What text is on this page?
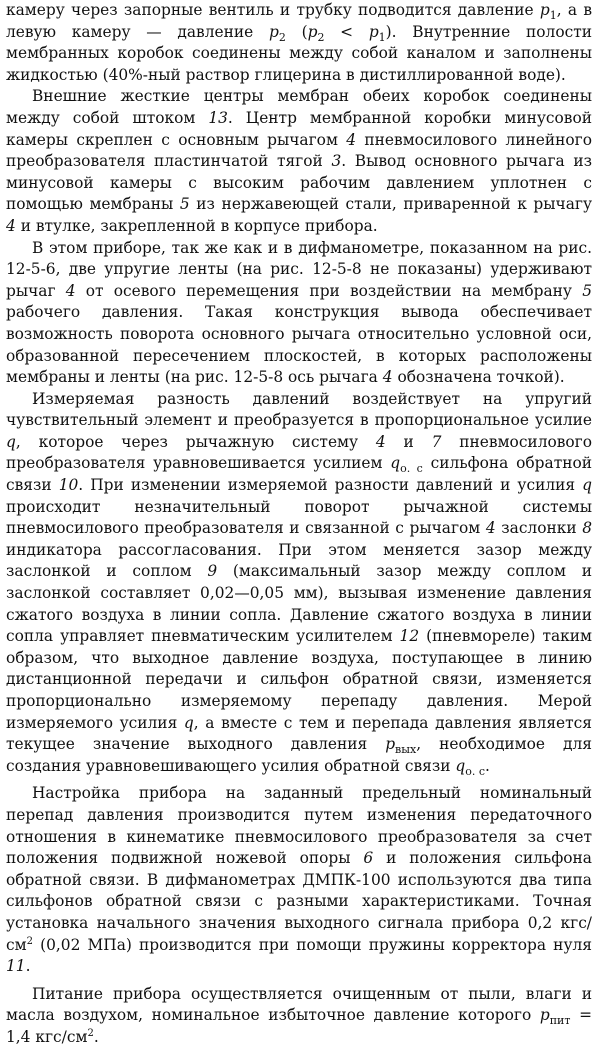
камеру через запорные вентиль и трубку подводится давление $p_1$, а в левую камеру — давление $p_2$ $(p_2 < p_1)$. Внутренние полости мембранных коробок соединены между собой каналом и заполнены жидкостью (40%-ный раствор глицерина в дистиллированной воде).

Внешние жесткие центры мембран обеих коробок соединены между собой штоком 13. Центр мембранной коробки минусовой камеры скреплен с основным рычагом 4 пневмосилового линейного преобразователя пластинчатой тягой 3. Вывод основного рычага из минусовой камеры с высоким рабочим давлением уплотнен с помощью мембраны 5 из нержавеющей стали, приваренной к рычагу 4 и втулке, закрепленной в корпусе прибора.

В этом приборе, так же как и в дифманометре, показанном на рис. 12-5-6, две упругие ленты (на рис. 12-5-8 не показаны) удерживают рычаг 4 от осевого перемещения при воздействии на мембрану 5 рабочего давления. Такая конструкция вывода обеспечивает возможность поворота основного рычага относительно условной оси, образованной пересечением плоскостей, в которых расположены мембраны и ленты (на рис. 12-5-8 ось рычага 4 обозначена точкой).

Измеряемая разность давлений воздействует на упругий чувствительный элемент и преобразуется в пропорциональное усилие q, которое через рычажную систему 4 и 7 пневмосилового преобразователя уравновешивается усилием $q_{о. с}$ сильфона обратной связи 10. При изменении измеряемой разности давлений и усилия q происходит незначительный поворот рычажной системы пневмосилового преобразователя и связанной с рычагом 4 заслонки 8 индикатора рассогласования. При этом меняется зазор между заслонкой и соплом 9 (максимальный зазор между соплом и заслонкой составляет 0,02—0,05 мм), вызывая изменение давления сжатого воздуха в линии сопла. Давление сжатого воздуха в линии сопла управляет пневматическим усилителем 12 (пневмореле) таким образом, что выходное давление воздуха, поступающее в линию дистанционной передачи и сильфон обратной связи, изменяется пропорционально измеряемому перепаду давления. Мерой измеряемого усилия q, а вместе с тем и перепада давления является текущее значение выходного давления $p_{вых}$, необходимое для создания уравновешивающего усилия обратной связи $q_{о. с}$.

Настройка прибора на заданный предельный номинальный перепад давления производится путем изменения передаточного отношения в кинематике пневмосилового преобразователя за счет положения подвижной ножевой опоры 6 и положения сильфона обратной связи. В дифманометрах ДМПК-100 используются два типа сильфонов обратной связи с разными характеристиками. Точная установка начального значения выходного сигнала прибора 0,2 кгс/$см^2$ (0,02 МПа) производится при помощи пружины корректора нуля 11.

Питание прибора осуществляется очищенным от пыли, влаги и масла воздухом, номинальное избыточное давление которого $p_{пит} = 1,4$ кгс/$см^2$.
